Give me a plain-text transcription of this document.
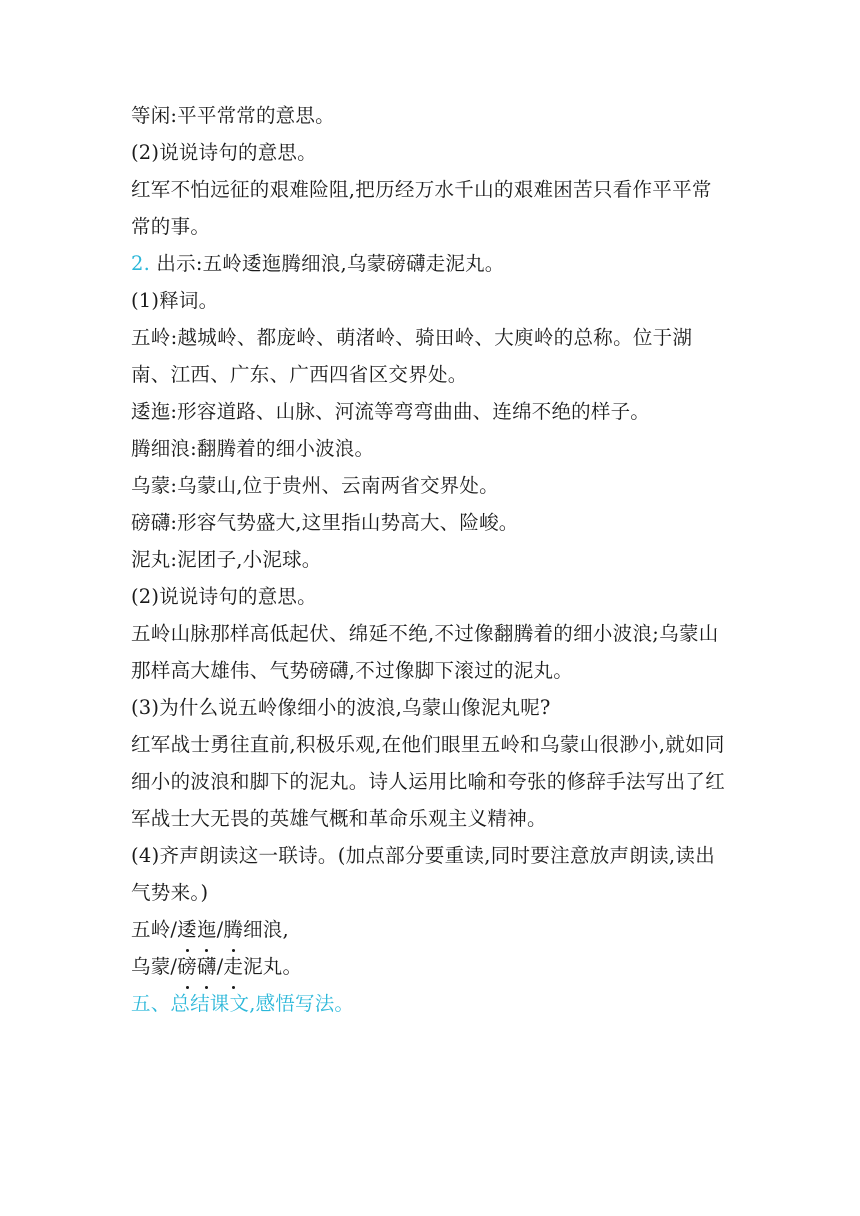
等闲:平平常常的意思。
(2)说说诗句的意思。
红军不怕远征的艰难险阻,把历经万水千山的艰难困苦只看作平平常常的事。
2. 出示:五岭逶迤腾细浪,乌蒙磅礴走泥丸。
(1)释词。
五岭:越城岭、都庞岭、萌渚岭、骑田岭、大庾岭的总称。位于湖南、江西、广东、广西四省区交界处。
逶迤:形容道路、山脉、河流等弯弯曲曲、连绵不绝的样子。
腾细浪:翻腾着的细小波浪。
乌蒙:乌蒙山,位于贵州、云南两省交界处。
磅礴:形容气势盛大,这里指山势高大、险峻。
泥丸:泥团子,小泥球。
(2)说说诗句的意思。
五岭山脉那样高低起伏、绵延不绝,不过像翻腾着的细小波浪;乌蒙山那样高大雄伟、气势磅礴,不过像脚下滚过的泥丸。
(3)为什么说五岭像细小的波浪,乌蒙山像泥丸呢?
红军战士勇往直前,积极乐观,在他们眼里五岭和乌蒙山很渺小,就如同细小的波浪和脚下的泥丸。诗人运用比喻和夸张的修辞手法写出了红军战士大无畏的英雄气概和革命乐观主义精神。
(4)齐声朗读这一联诗。(加点部分要重读,同时要注意放声朗读,读出气势来。)
五岭/逶迤/腾细浪,
乌蒙/磅礴/走泥丸。
五、总结课文,感悟写法。
